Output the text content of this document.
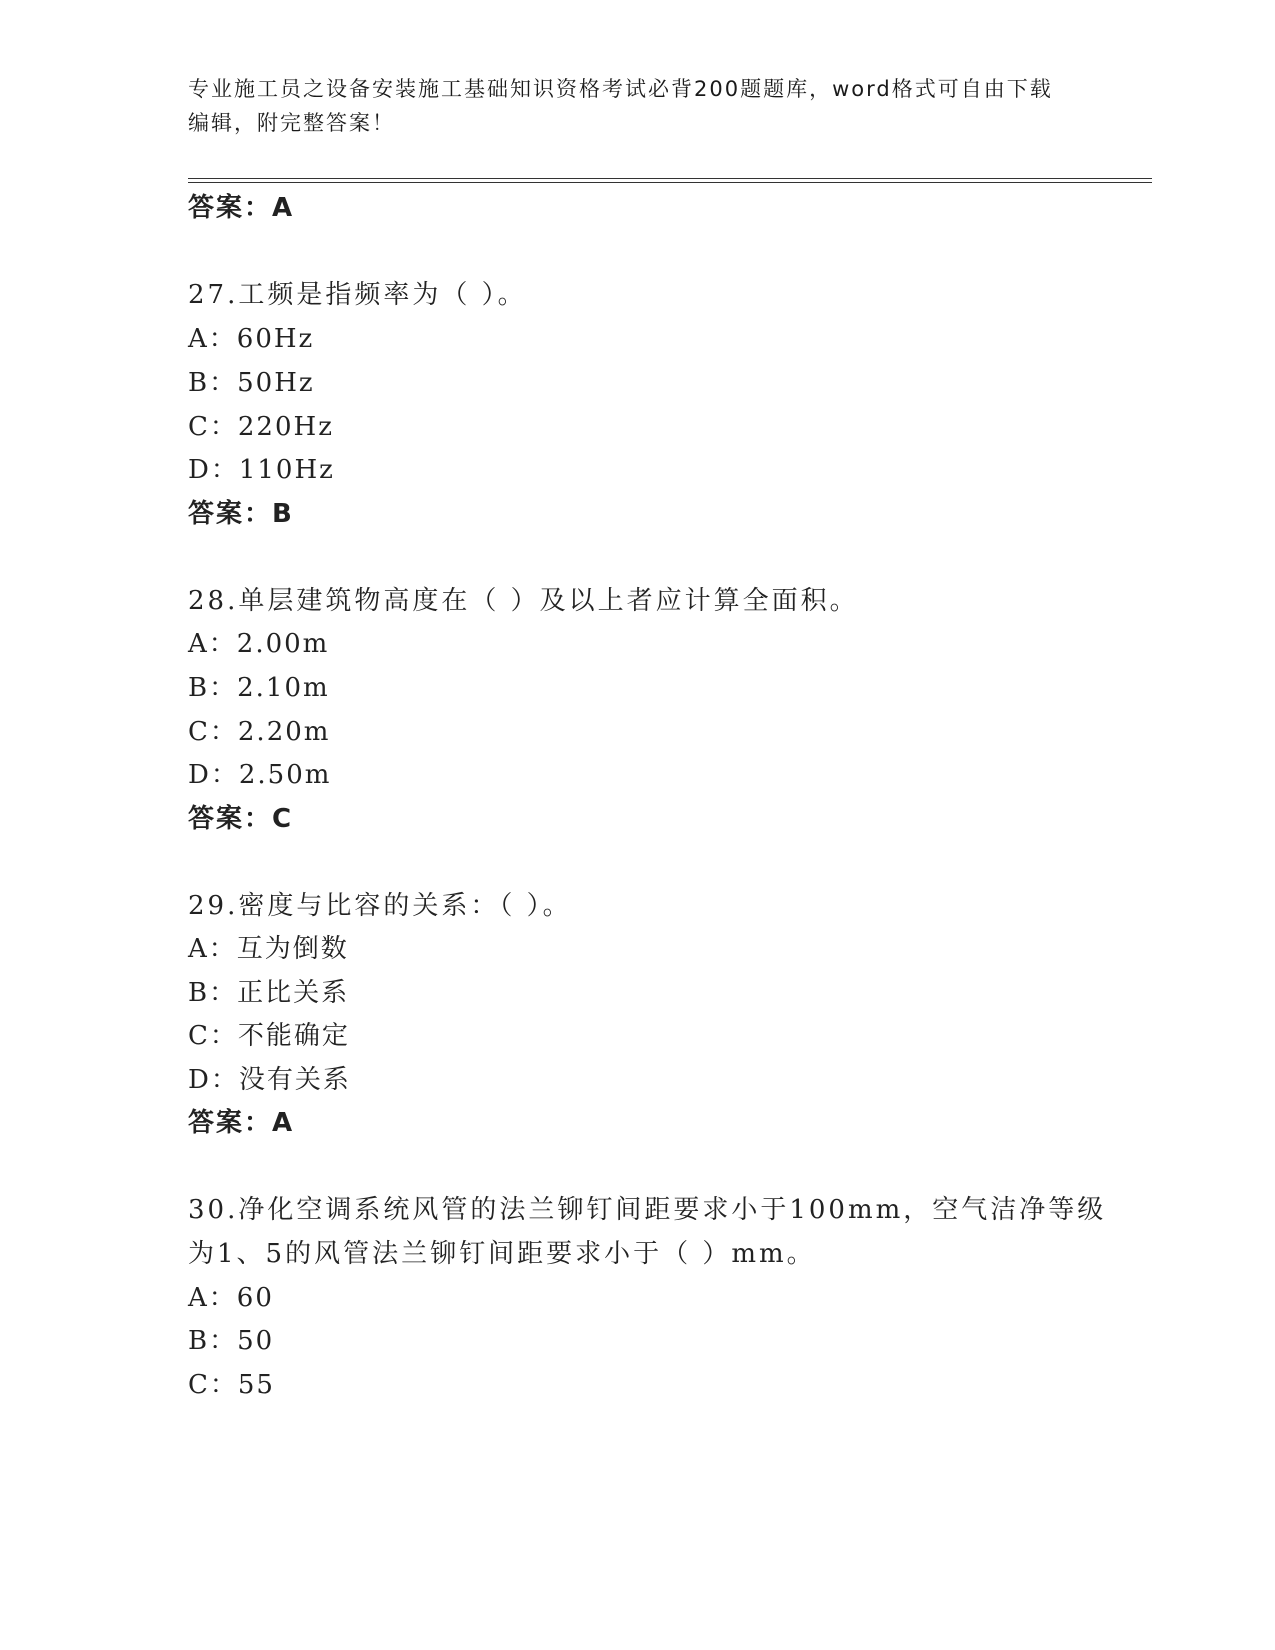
专业施工员之设备安装施工基础知识资格考试必背200题题库，word格式可自由下载编辑，附完整答案！
答案：A
27.工频是指频率为（ ）。
A：60Hz
B：50Hz
C：220Hz
D：110Hz
答案：B
28.单层建筑物高度在（ ）及以上者应计算全面积。
A：2.00m
B：2.10m
C：2.20m
D：2.50m
答案：C
29.密度与比容的关系：（ ）。
A：互为倒数
B：正比关系
C：不能确定
D：没有关系
答案：A
30.净化空调系统风管的法兰铆钉间距要求小于100mm，空气洁净等级
为1、5的风管法兰铆钉间距要求小于（ ）mm。
A：60
B：50
C：55
